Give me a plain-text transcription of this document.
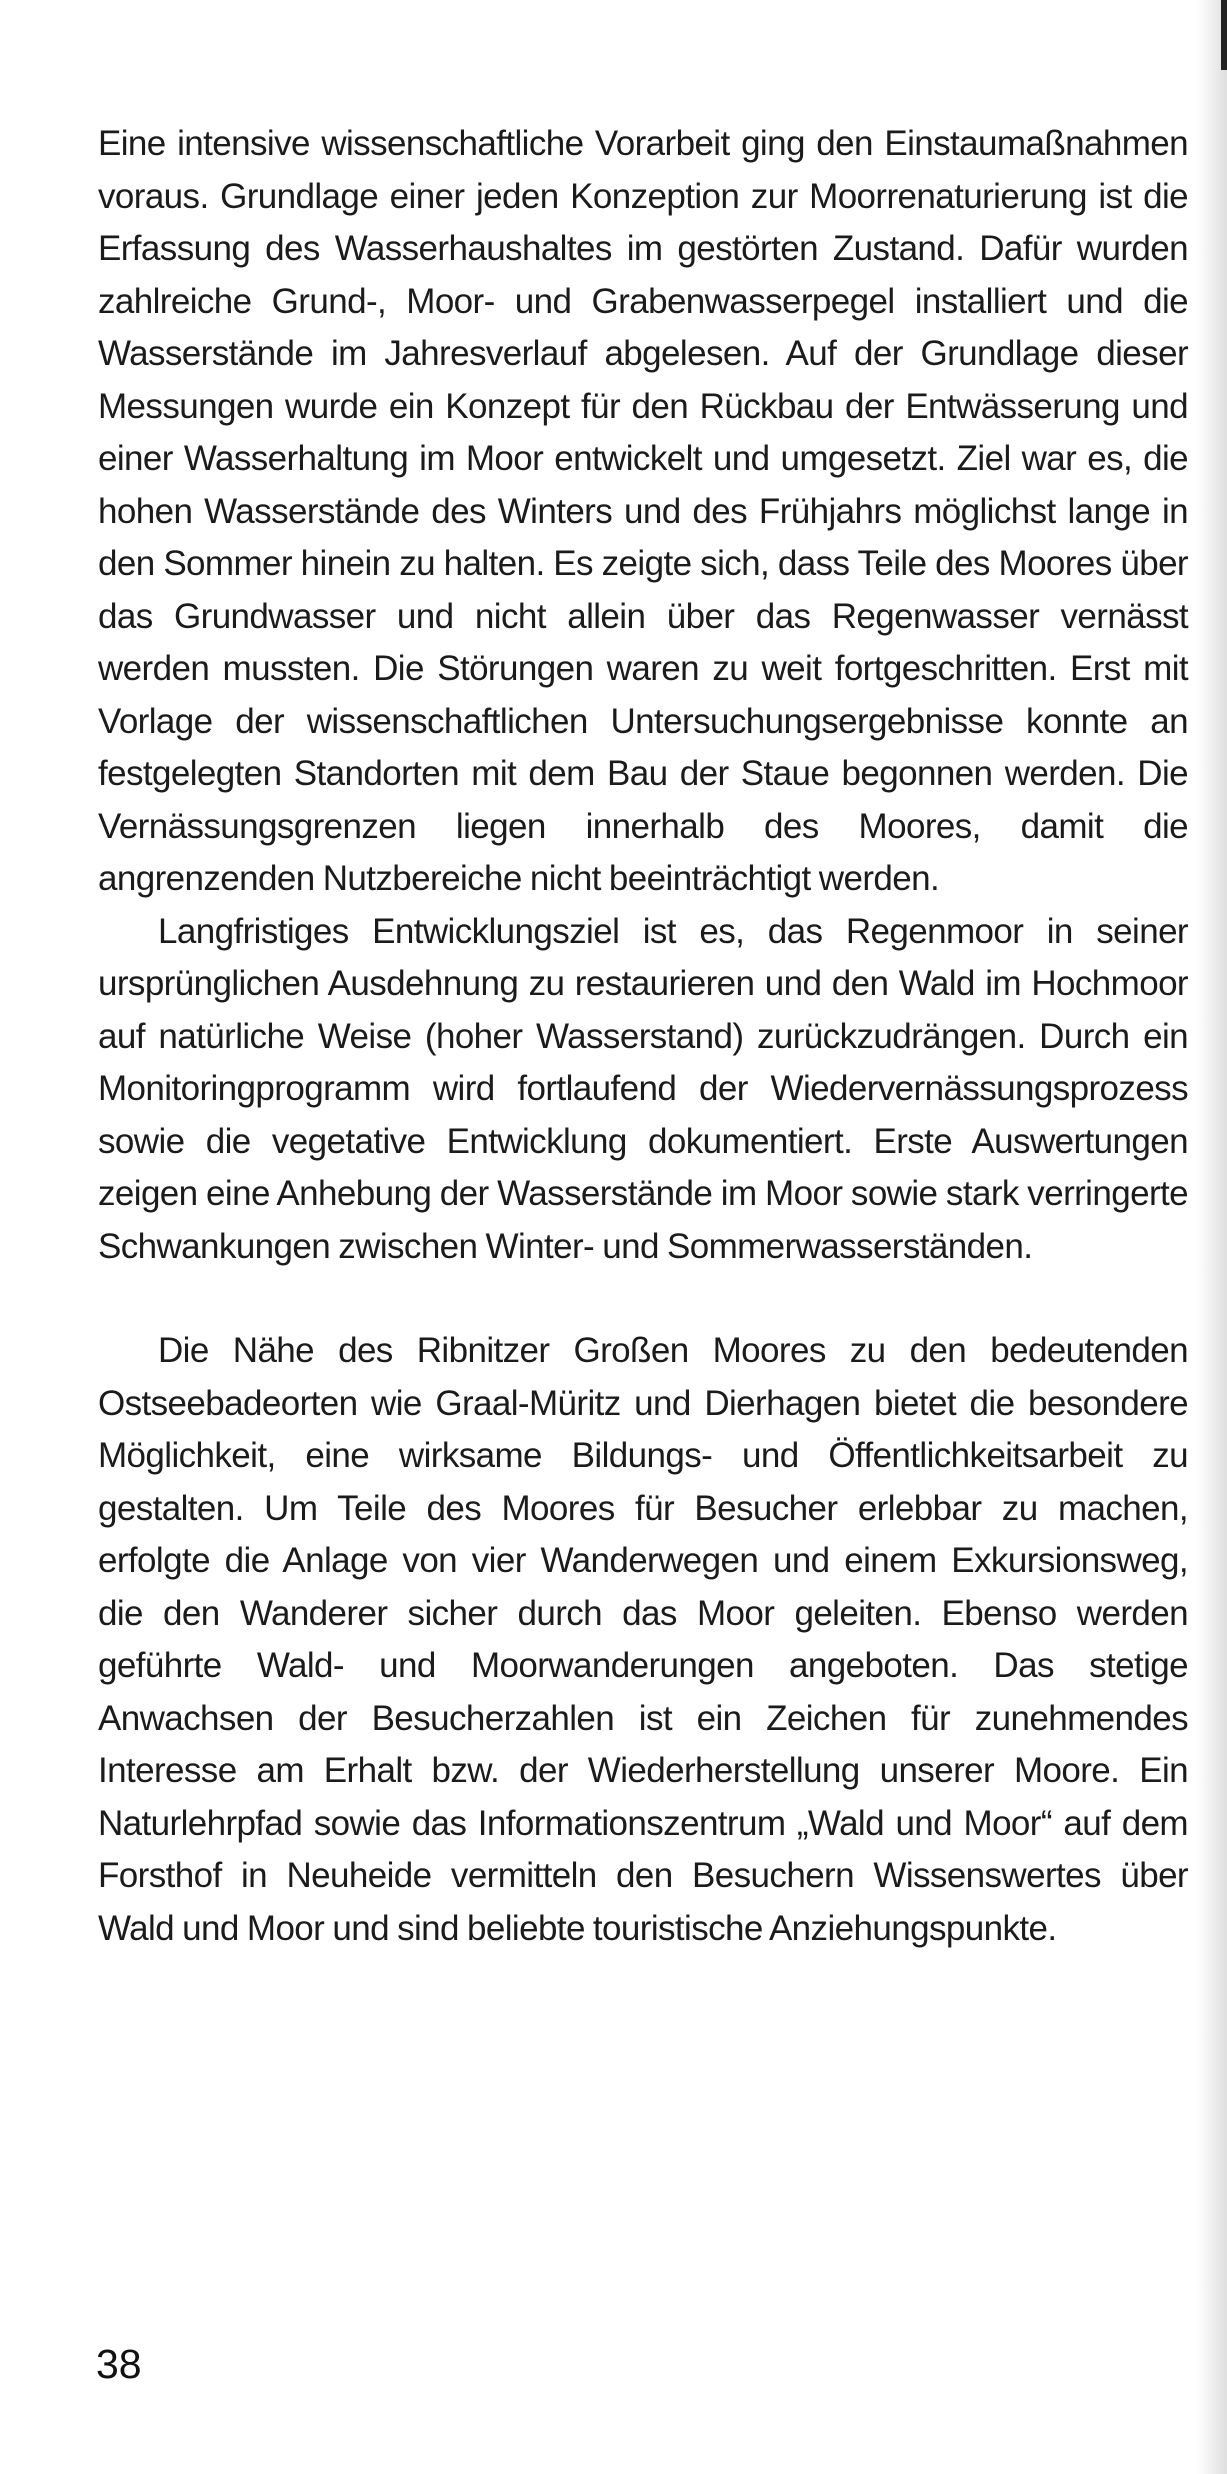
Eine intensive wissenschaftliche Vorarbeit ging den Einstaumaßnahmen voraus. Grundlage einer jeden Konzeption zur Moorrenaturierung ist die Erfassung des Wasserhaushaltes im gestörten Zustand. Dafür wurden zahlreiche Grund-, Moor- und Grabenwasserpegel installiert und die Wasserstände im Jahresverlauf abgelesen. Auf der Grundlage dieser Messungen wurde ein Konzept für den Rückbau der Entwässerung und einer Wasserhaltung im Moor entwickelt und umgesetzt. Ziel war es, die hohen Wasserstände des Winters und des Frühjahrs möglichst lange in den Sommer hinein zu halten. Es zeigte sich, dass Teile des Moores über das Grundwasser und nicht allein über das Regenwasser vernässt werden mussten. Die Störungen waren zu weit fortgeschritten. Erst mit Vorlage der wissenschaftlichen Untersuchungsergebnisse konnte an festgelegten Standorten mit dem Bau der Staue begonnen werden. Die Vernässungsgrenzen liegen innerhalb des Moores, damit die angrenzenden Nutzbereiche nicht beeinträchtigt werden.

Langfristiges Entwicklungsziel ist es, das Regenmoor in seiner ursprünglichen Ausdehnung zu restaurieren und den Wald im Hochmoor auf natürliche Weise (hoher Wasserstand) zurückzudrängen. Durch ein Monitoringprogramm wird fortlaufend der Wiedervernässungsprozess sowie die vegetative Entwicklung dokumentiert. Erste Auswertungen zeigen eine Anhebung der Wasserstände im Moor sowie stark verringerte Schwankungen zwischen Winter- und Sommerwasserständen.

Die Nähe des Ribnitzer Großen Moores zu den bedeutenden Ostseebadeorten wie Graal-Müritz und Dierhagen bietet die besondere Möglichkeit, eine wirksame Bildungs- und Öffentlichkeitsarbeit zu gestalten. Um Teile des Moores für Besucher erlebbar zu machen, erfolgte die Anlage von vier Wanderwegen und einem Exkursionsweg, die den Wanderer sicher durch das Moor geleiten. Ebenso werden geführte Wald- und Moorwanderungen angeboten. Das stetige Anwachsen der Besucherzahlen ist ein Zeichen für zunehmendes Interesse am Erhalt bzw. der Wiederherstellung unserer Moore. Ein Naturlehrpfad sowie das Informationszentrum „Wald und Moor“ auf dem Forsthof in Neuheide vermitteln den Besuchern Wissenswertes über Wald und Moor und sind beliebte touristische Anziehungspunkte.

38
